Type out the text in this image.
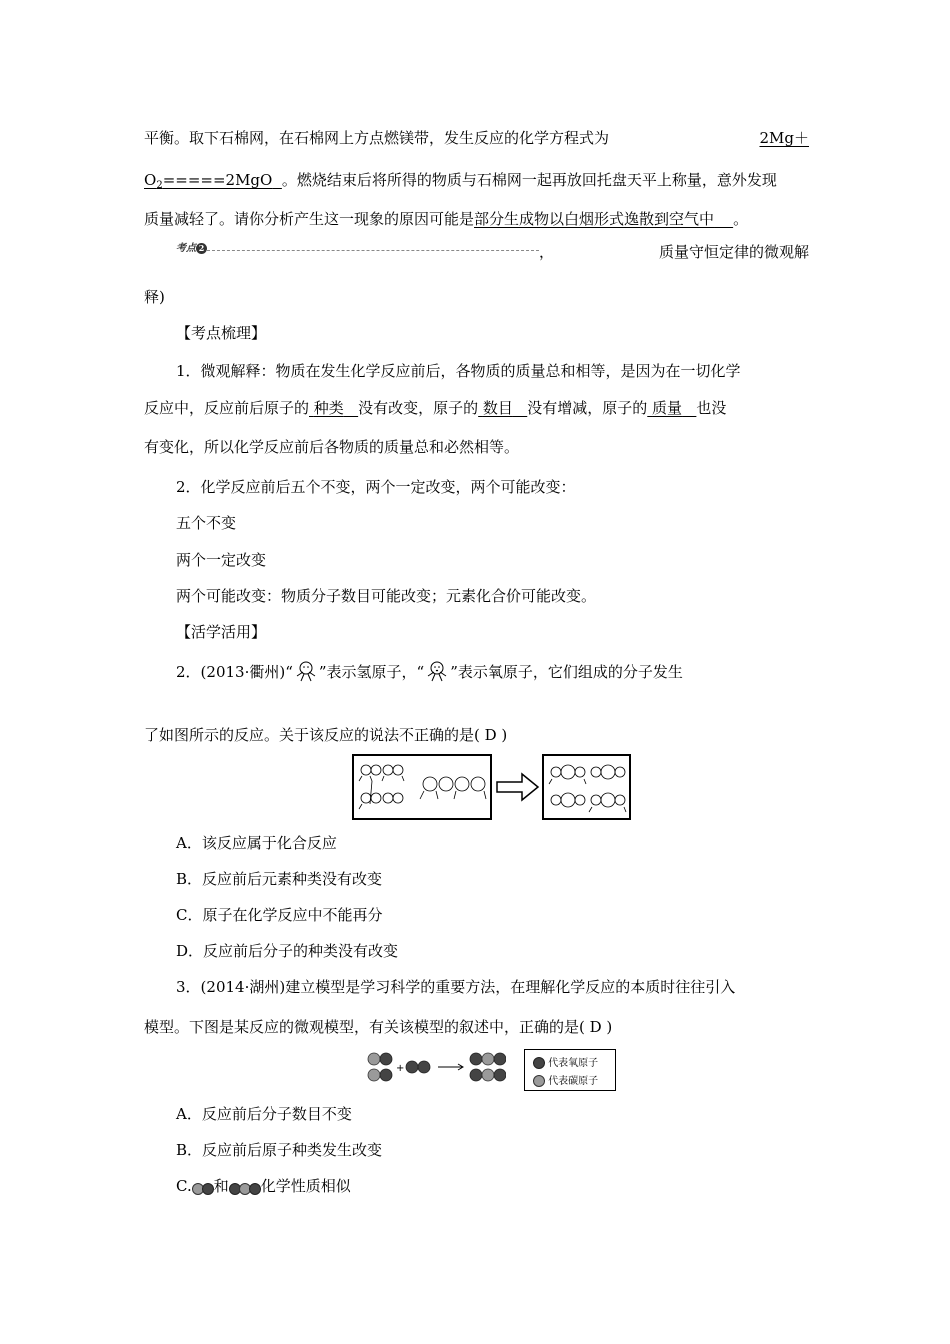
平衡。取下石棉网，在石棉网上方点燃镁带，发生反应的化学方程式为	2Mg＋
$O_2=====2MgO$ 。燃烧结束后将所得的物质与石棉网一起再放回托盘天平上称量，意外发现
质量减轻了。请你分析产生这一现象的原因可能是部分生成物以白烟形式逸散到空气中 。
考点 2	，	质量守恒定律的微观解
释)
【考点梳理】
1．微观解释：物质在发生化学反应前后，各物质的质量总和相等，是因为在一切化学
反应中，反应前后原子的 种类 没有改变，原子的 数目 没有增减，原子的 质量 也没
有变化，所以化学反应前后各物质的质量总和必然相等。
2．化学反应前后五个不变，两个一定改变，两个可能改变：
五个不变
两个一定改变
两个可能改变：物质分子数目可能改变；元素化合价可能改变。
【活学活用】
2．(2013·衢州)“ ”表示氢原子，“ ”表示氧原子，它们组成的分子发生
了如图所示的反应。关于该反应的说法不正确的是( D )
A．该反应属于化合反应
B．反应前后元素种类没有改变
C．原子在化学反应中不能再分
D．反应前后分子的种类没有改变
3．(2014·湖州)建立模型是学习科学的重要方法，在理解化学反应的本质时往往引入
模型。下图是某反应的微观模型，有关该模型的叙述中，正确的是( D )
+	代表氧原子
代表碳原子
A．反应前后分子数目不变
B．反应前后原子种类发生改变
C. 和 化学性质相似
